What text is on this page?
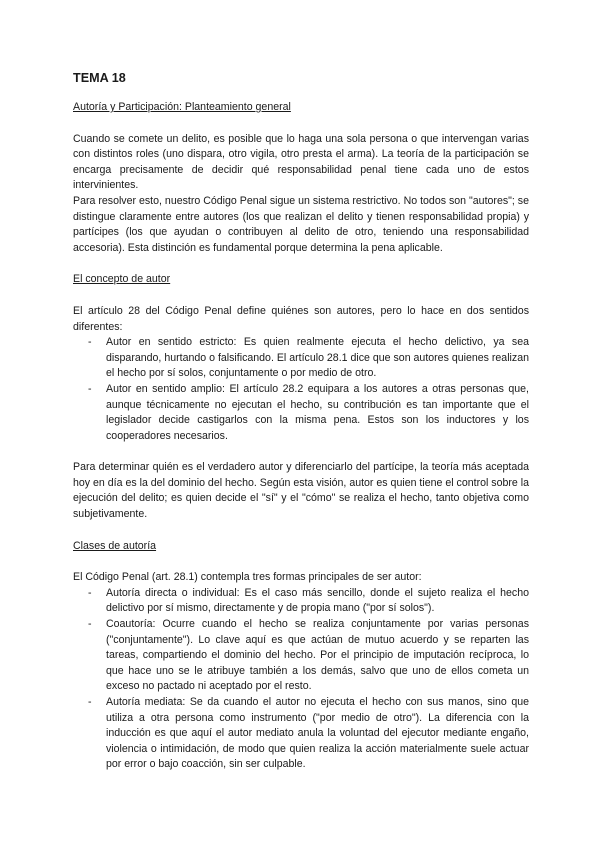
TEMA 18
Autoría y Participación: Planteamiento general

Cuando se comete un delito, es posible que lo haga una sola persona o que intervengan varias con distintos roles (uno dispara, otro vigila, otro presta el arma). La teoría de la participación se encarga precisamente de decidir qué responsabilidad penal tiene cada uno de estos intervinientes.

Para resolver esto, nuestro Código Penal sigue un sistema restrictivo. No todos son "autores"; se distingue claramente entre autores (los que realizan el delito y tienen responsabilidad propia) y partícipes (los que ayudan o contribuyen al delito de otro, teniendo una responsabilidad accesoria). Esta distinción es fundamental porque determina la pena aplicable.

El concepto de autor

El artículo 28 del Código Penal define quiénes son autores, pero lo hace en dos sentidos diferentes:

- Autor en sentido estricto: Es quien realmente ejecuta el hecho delictivo, ya sea disparando, hurtando o falsificando. El artículo 28.1 dice que son autores quienes realizan el hecho por sí solos, conjuntamente o por medio de otro.
- Autor en sentido amplio: El artículo 28.2 equipara a los autores a otras personas que, aunque técnicamente no ejecutan el hecho, su contribución es tan importante que el legislador decide castigarlos con la misma pena. Estos son los inductores y los cooperadores necesarios.

Para determinar quién es el verdadero autor y diferenciarlo del partícipe, la teoría más aceptada hoy en día es la del dominio del hecho. Según esta visión, autor es quien tiene el control sobre la ejecución del delito; es quien decide el "sí" y el "cómo" se realiza el hecho, tanto objetiva como subjetivamente.

Clases de autoría

El Código Penal (art. 28.1) contempla tres formas principales de ser autor:

- Autoría directa o individual: Es el caso más sencillo, donde el sujeto realiza el hecho delictivo por sí mismo, directamente y de propia mano ("por sí solos").
- Coautoría: Ocurre cuando el hecho se realiza conjuntamente por varias personas ("conjuntamente"). Lo clave aquí es que actúan de mutuo acuerdo y se reparten las tareas, compartiendo el dominio del hecho. Por el principio de imputación recíproca, lo que hace uno se le atribuye también a los demás, salvo que uno de ellos cometa un exceso no pactado ni aceptado por el resto.
- Autoría mediata: Se da cuando el autor no ejecuta el hecho con sus manos, sino que utiliza a otra persona como instrumento ("por medio de otro"). La diferencia con la inducción es que aquí el autor mediato anula la voluntad del ejecutor mediante engaño, violencia o intimidación, de modo que quien realiza la acción materialmente suele actuar por error o bajo coacción, sin ser culpable.
